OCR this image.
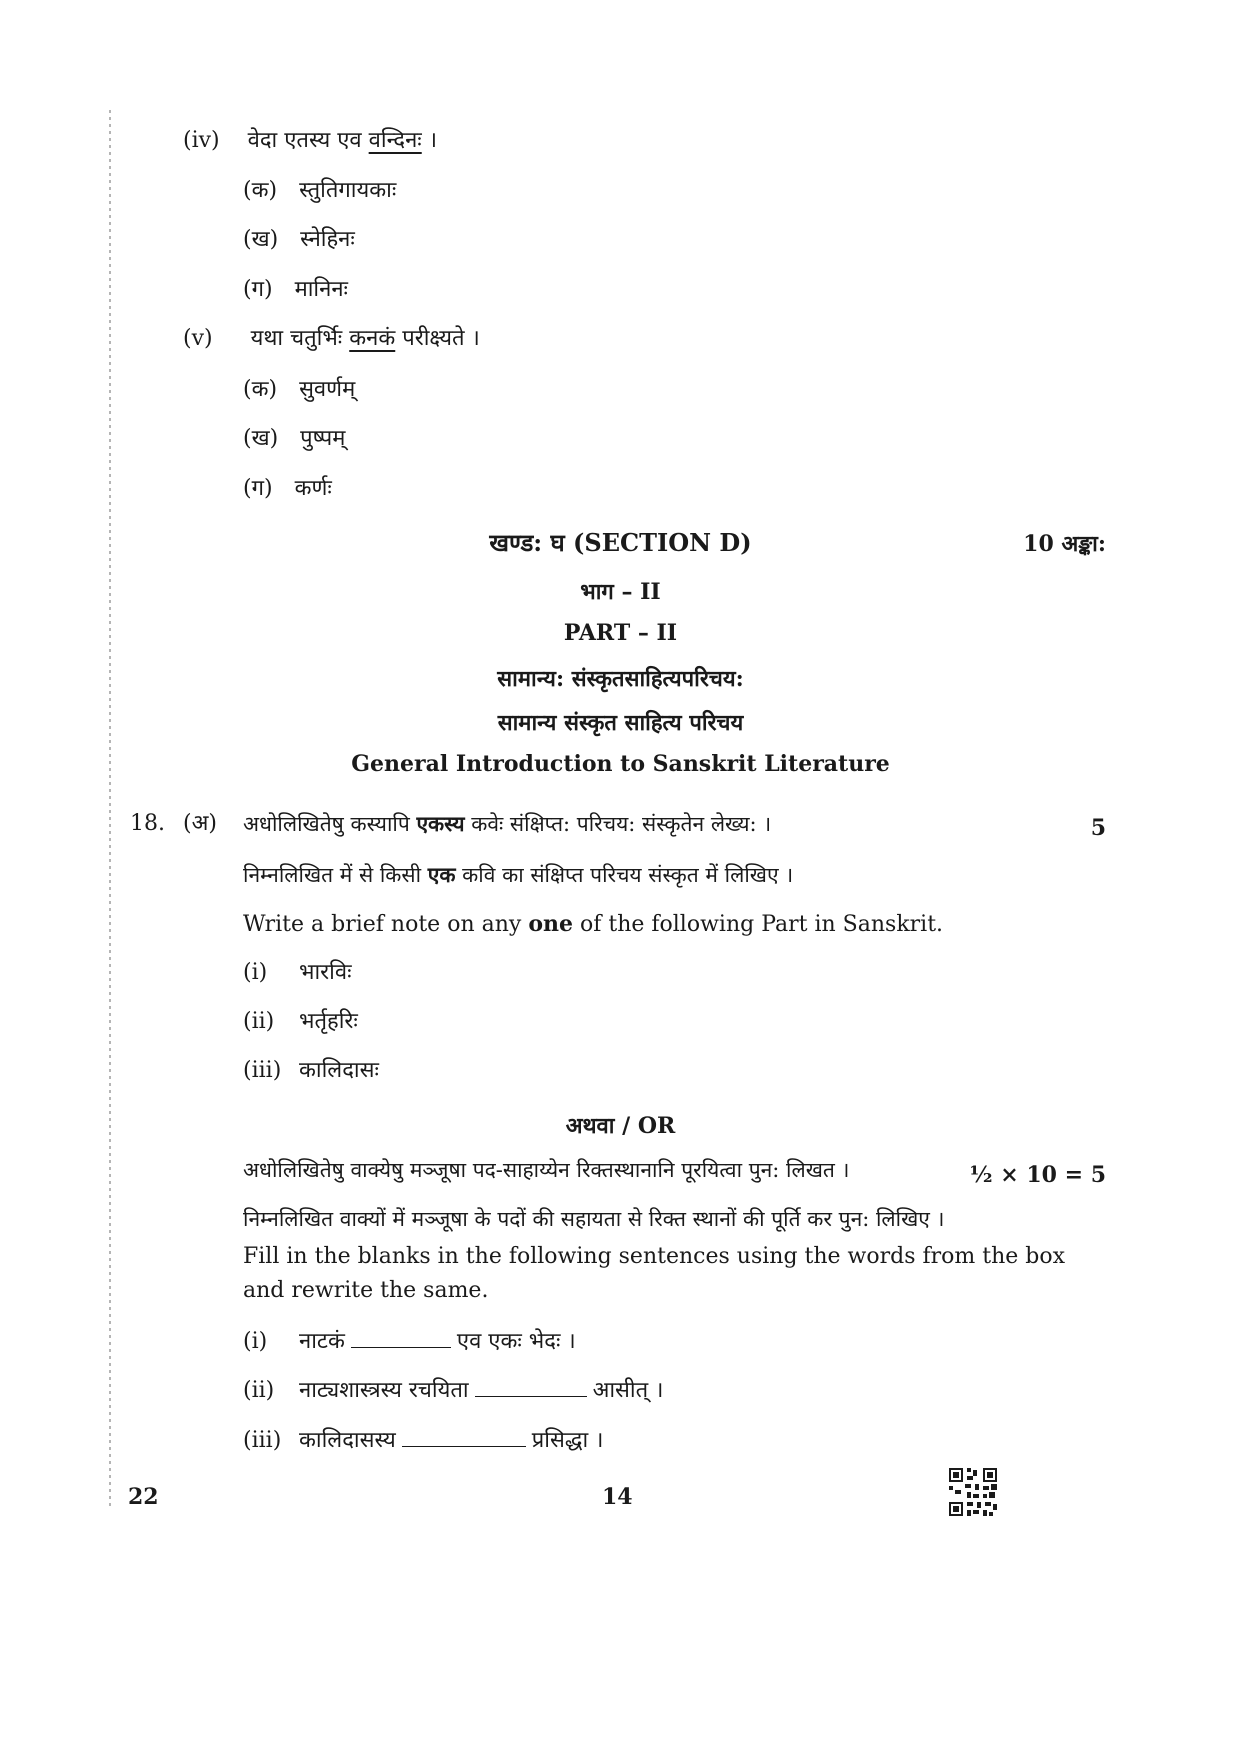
(iv) वेदा एतस्य एव वन्दिनः ।
(क) स्तुतिगायकाः
(ख) स्नेहिनः
(ग) मानिनः
(v) यथा चतुर्भिः कनकं परीक्ष्यते ।
(क) सुवर्णम्
(ख) पुष्पम्
(ग) कर्णः
खण्ड: घ (SECTION D)	10 अङ्का:
भाग – II
PART – II
सामान्य: संस्कृतसाहित्यपरिचय:
सामान्य संस्कृत साहित्य परिचय
General Introduction to Sanskrit Literature
18. (अ) अधोलिखितेषु कस्यापि एकस्य कवेः संक्षिप्त: परिचय: संस्कृतेन लेख्य: ।	5
निम्नलिखित में से किसी एक कवि का संक्षिप्त परिचय संस्कृत में लिखिए ।
Write a brief note on any one of the following Part in Sanskrit.
(i) भारविः
(ii) भर्तृहरिः
(iii) कालिदासः
अथवा / OR
अधोलिखितेषु वाक्येषु मञ्जूषा पद-साहाय्येन रिक्तस्थानानि पूरयित्वा पुन: लिखत ।	½ × 10 = 5
निम्नलिखित वाक्यों में मञ्जूषा के पदों की सहायता से रिक्त स्थानों की पूर्ति कर पुन: लिखिए ।
Fill in the blanks in the following sentences using the words from the box and rewrite the same.
(i) नाटकं	एव एकः भेदः ।
(ii) नाट्यशास्त्रस्य रचयिता	आसीत् ।
(iii) कालिदासस्य	प्रसिद्धा ।
22	14
